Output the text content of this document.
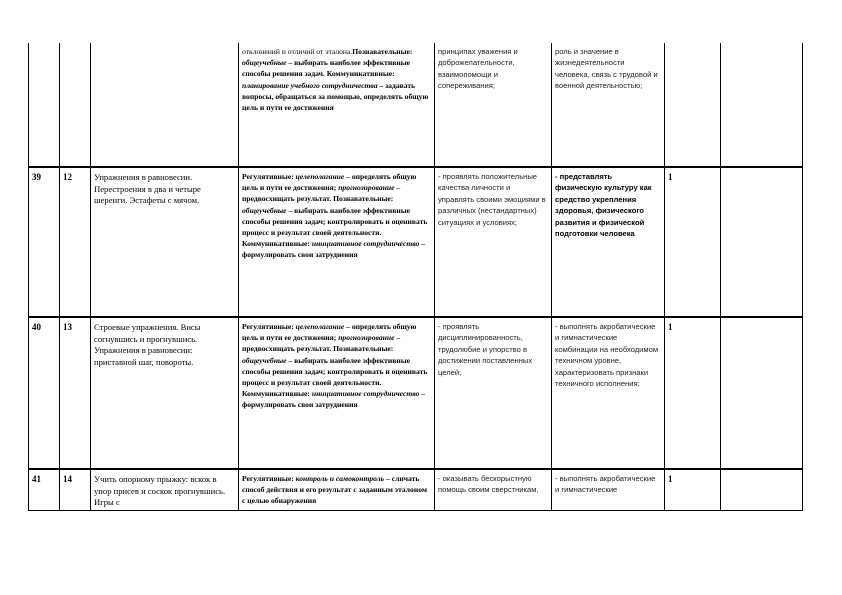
			отклонений и отличий от эталона.Познавательные: общеучебные – выбирать наиболее эффективные способы решения задач. Коммуникативные: планирование учебного сотрудничества – задавать вопросы, обращаться за помощью, определять общую цель и пути ее достижения	принципах уважения и доброжелательности, взаимопомощи и сопереживания;	роль и значение в жизнедеятельности человека, связь с трудовой и военной деятельностью;		
39	12	Упражнения в равновесии. Перестроения в два и четыре шеренги. Эстафеты с мячом.	Регулятивные: целеполагание – определять общую цель и пути ее достижения; прогнозирование – предвосхищать результат. Познавательные: общеучебные – выбирать наиболее эффективные способы решения задач; контролировать и оценивать процесс и результат своей деятельности. Коммуникативные: инициативное сотрудничество – формулировать свои затруднения	- проявлять положительные качества личности и управлять своими эмоциями в различных (нестандартных) ситуациях и условиях;	- представлять физическую культуру как средство укрепления здоровья, физического развития и физической подготовки человека	1	
40	13	Строевые упражнения. Висы согнувшись и прогнувшись. Упражнения в равновесии: приставной шаг, повороты.	Регулятивные: целеполагание – определять общую цель и пути ее достижения; прогнозирование – предвосхищать результат. Познавательные: общеучебные – выбирать наиболее эффективные способы решения задач; контролировать и оценивать процесс и результат своей деятельности. Коммуникативные: инициативное сотрудничество – формулировать свои затруднения	- проявлять дисциплинированность, трудолюбие и упорство в достижении поставленных целей;	- выполнять акробатические и гимнастические комбинации на необходимом техничном уровне, характеризовать признаки техничного исполнения;	1	
41	14	Учить опорному прыжку: вскок в упор присев и соскок прогнувшись. Игры с	Регулятивные: контроль и самоконтроль – сличать способ действия и его результат с заданным эталоном с целью обнаружения	- оказывать бескорыстную помощь своим сверстникам,	- выполнять акробатические и гимнастические	1	
